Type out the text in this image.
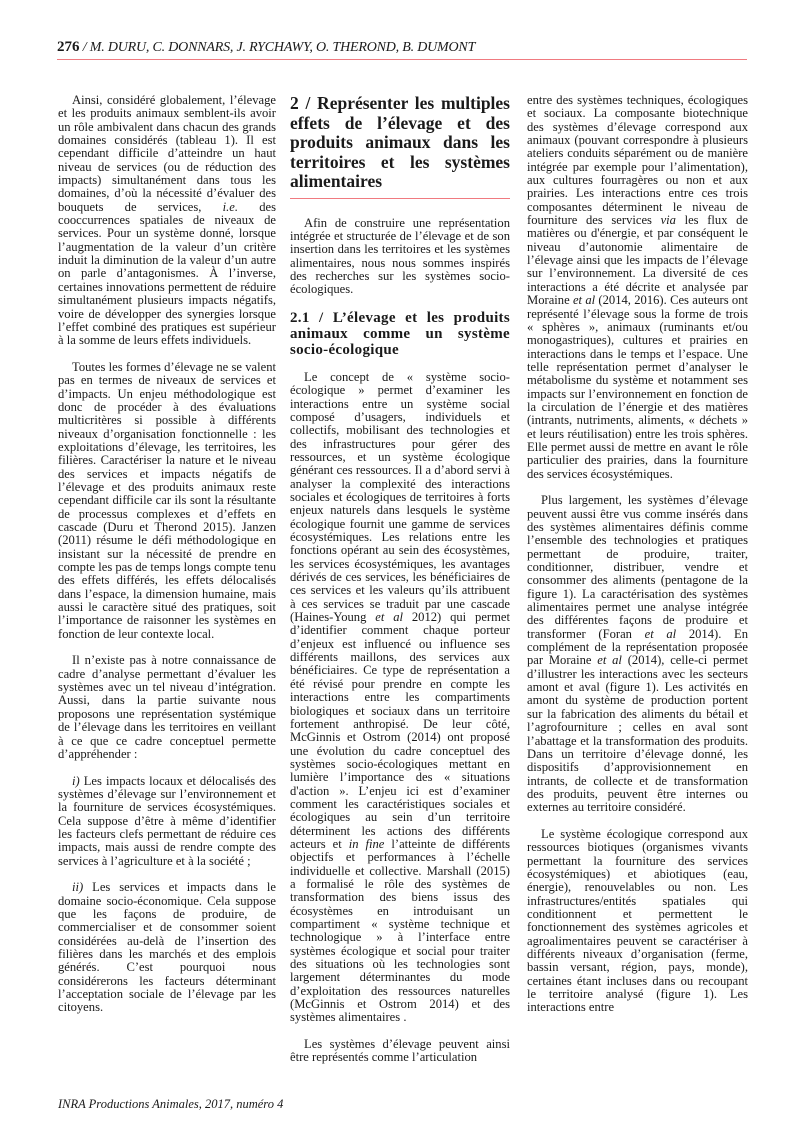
276 / M. DURU, C. DONNARS, J. RYCHAWY, O. THEROND, B. DUMONT

Ainsi, considéré globalement, l’élevage et les produits animaux semblent-ils avoir un rôle ambivalent dans chacun des grands domaines considérés (tableau 1). Il est cependant difficile d’atteindre un haut niveau de services (ou de réduction des impacts) simultanément dans tous les domaines, d’où la nécessité d’évaluer des bouquets de services, i.e. des cooccurrences spatiales de niveaux de services. Pour un système donné, lorsque l’augmentation de la valeur d’un critère induit la diminution de la valeur d’un autre on parle d’antagonismes. À l’inverse, certaines innovations permettent de réduire simultanément plusieurs impacts négatifs, voire de développer des synergies lorsque l’effet combiné des pratiques est supérieur à la somme de leurs effets individuels.

Toutes les formes d’élevage ne se valent pas en termes de niveaux de services et d’impacts. Un enjeu méthodologique est donc de procéder à des évaluations multicritères si possible à différents niveaux d’organisation fonctionnelle : les exploitations d’élevage, les territoires, les filières. Caractériser la nature et le niveau des services et impacts négatifs de l’élevage et des produits animaux reste cependant difficile car ils sont la résultante de processus complexes et d’effets en cascade (Duru et Therond 2015). Janzen (2011) résume le défi méthodologique en insistant sur la nécessité de prendre en compte les pas de temps longs compte tenu des effets différés, les effets délocalisés dans l’espace, la dimension humaine, mais aussi le caractère situé des pratiques, soit l’importance de raisonner les systèmes en fonction de leur contexte local.

Il n’existe pas à notre connaissance de cadre d’analyse permettant d’évaluer les systèmes avec un tel niveau d’intégration. Aussi, dans la partie suivante nous proposons une représentation systémique de l’élevage dans les territoires en veillant à ce que ce cadre conceptuel permette d’appréhender :

i) Les impacts locaux et délocalisés des systèmes d’élevage sur l’environnement et la fourniture de services écosystémiques. Cela suppose d’être à même d’identifier les facteurs clefs permettant de réduire ces impacts, mais aussi de rendre compte des services à l’agriculture et à la société ;

ii) Les services et impacts dans le domaine socio-économique. Cela suppose que les façons de produire, de commercialiser et de consommer soient considérées au-delà de l’insertion des filières dans les marchés et des emplois générés. C’est pourquoi nous considérerons les facteurs déterminant l’acceptation sociale de l’élevage par les citoyens.

2 / Représenter les multiples effets de l’élevage et des produits animaux dans les territoires et les systèmes alimentaires

Afin de construire une représentation intégrée et structurée de l’élevage et de son insertion dans les territoires et les systèmes alimentaires, nous nous sommes inspirés des recherches sur les systèmes socio-écologiques.

2.1 / L’élevage et les produits animaux comme un système socio-écologique

Le concept de « système socio-écologique » permet d’examiner les interactions entre un système social composé d’usagers, individuels et collectifs, mobilisant des technologies et des infrastructures pour gérer des ressources, et un système écologique générant ces ressources. Il a d’abord servi à analyser la complexité des interactions sociales et écologiques de territoires à forts enjeux naturels dans lesquels le système écologique fournit une gamme de services écosystémiques. Les relations entre les fonctions opérant au sein des écosystèmes, les services écosystémiques, les avantages dérivés de ces services, les bénéficiaires de ces services et les valeurs qu’ils attribuent à ces services se traduit par une cascade (Haines-Young et al 2012) qui permet d’identifier comment chaque porteur d’enjeux est influencé ou influence ses différents maillons, des services aux bénéficiaires. Ce type de représentation a été révisé pour prendre en compte les interactions entre les compartiments biologiques et sociaux dans un territoire fortement anthropisé. De leur côté, McGinnis et Ostrom (2014) ont proposé une évolution du cadre conceptuel des systèmes socio-écologiques mettant en lumière l’importance des « situations d'action ». L’enjeu ici est d’examiner comment les caractéristiques sociales et écologiques au sein d’un territoire déterminent les actions des différents acteurs et in fine l’atteinte de différents objectifs et performances à l’échelle individuelle et collective. Marshall (2015) a formalisé le rôle des systèmes de transformation des biens issus des écosystèmes en introduisant un compartiment « système technique et technologique » à l’interface entre systèmes écologique et social pour traiter des situations où les technologies sont largement déterminantes du mode d’exploitation des ressources naturelles (McGinnis et Ostrom 2014) et des systèmes alimentaires .

Les systèmes d’élevage peuvent ainsi être représentés comme l’articulation

entre des systèmes techniques, écologiques et sociaux. La composante biotechnique des systèmes d’élevage correspond aux animaux (pouvant correspondre à plusieurs ateliers conduits séparément ou de manière intégrée par exemple pour l’alimentation), aux cultures fourragères ou non et aux prairies. Les interactions entre ces trois composantes déterminent le niveau de fourniture des services via les flux de matières ou d'énergie, et par conséquent le niveau d’autonomie alimentaire de l’élevage ainsi que les impacts de l’élevage sur l’environnement. La diversité de ces interactions a été décrite et analysée par Moraine et al (2014, 2016). Ces auteurs ont représenté l’élevage sous la forme de trois « sphères », animaux (ruminants et/ou monogastriques), cultures et prairies en interactions dans le temps et l’espace. Une telle représentation permet d’analyser le métabolisme du système et notamment ses impacts sur l’environnement en fonction de la circulation de l’énergie et des matières (intrants, nutriments, aliments, « déchets » et leurs réutilisation) entre les trois sphères. Elle permet aussi de mettre en avant le rôle particulier des prairies, dans la fourniture des services écosystémiques.

Plus largement, les systèmes d’élevage peuvent aussi être vus comme insérés dans des systèmes alimentaires définis comme l’ensemble des technologies et pratiques permettant de produire, traiter, conditionner, distribuer, vendre et consommer des aliments (pentagone de la figure 1). La caractérisation des systèmes alimentaires permet une analyse intégrée des différentes façons de produire et transformer (Foran et al 2014). En complément de la représentation proposée par Moraine et al (2014), celle-ci permet d’illustrer les interactions avec les secteurs amont et aval (figure 1). Les activités en amont du système de production portent sur la fabrication des aliments du bétail et l’agrofourniture ; celles en aval sont l’abattage et la transformation des produits. Dans un territoire d’élevage donné, les dispositifs d’approvisionnement en intrants, de collecte et de transformation des produits, peuvent être internes ou externes au territoire considéré.

Le système écologique correspond aux ressources biotiques (organismes vivants permettant la fourniture des services écosystémiques) et abiotiques (eau, énergie), renouvelables ou non. Les infrastructures/entités spatiales qui conditionnent et permettent le fonctionnement des systèmes agricoles et agroalimentaires peuvent se caractériser à différents niveaux d’organisation (ferme, bassin versant, région, pays, monde), certaines étant incluses dans ou recoupant le territoire analysé (figure 1). Les interactions entre

INRA Productions Animales, 2017, numéro 4
